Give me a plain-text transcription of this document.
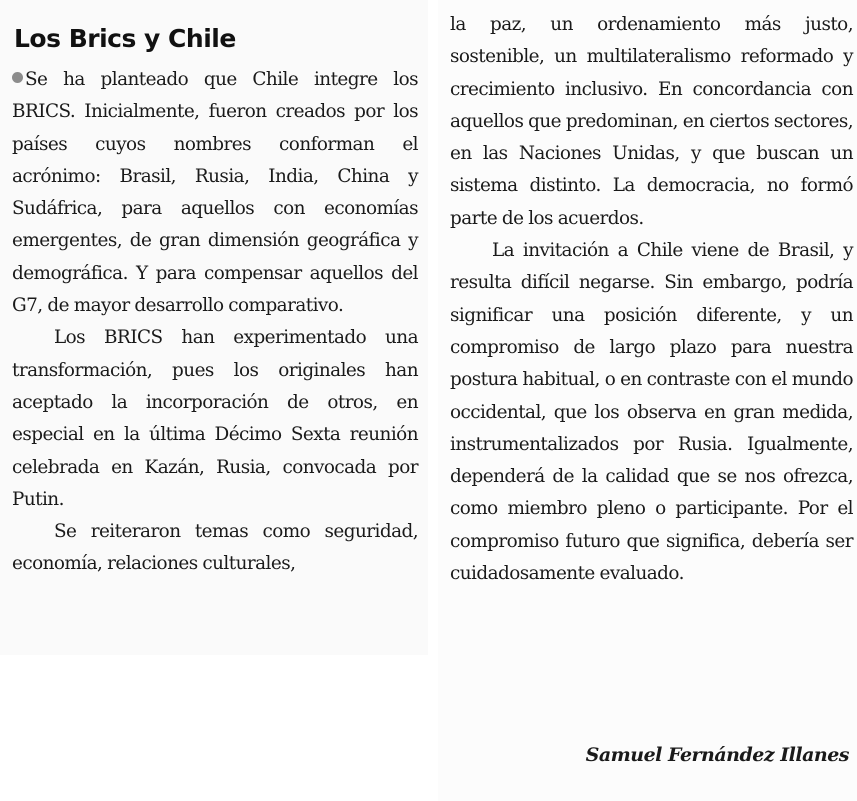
Los Brics y Chile

Se ha planteado que Chile integre los BRICS. Inicialmente, fueron creados por los países cuyos nombres conforman el acrónimo: Brasil, Rusia, India, China y Sudáfrica, para aquellos con economías emergentes, de gran dimensión geográfica y demográfica. Y para compensar aquellos del G7, de mayor desarrollo comparativo.

Los BRICS han experimentado una transformación, pues los originales han aceptado la incorporación de otros, en especial en la última Décimo Sexta reunión celebrada en Kazán, Rusia, convocada por Putin.

Se reiteraron temas como seguridad, economía, relaciones culturales,

la paz, un ordenamiento más justo, sostenible, un multilateralismo reformado y crecimiento inclusivo. En concordancia con aquellos que predominan, en ciertos sectores, en las Naciones Unidas, y que buscan un sistema distinto. La democracia, no formó parte de los acuerdos.

La invitación a Chile viene de Brasil, y resulta difícil negarse. Sin embargo, podría significar una posición diferente, y un compromiso de largo plazo para nuestra postura habitual, o en contraste con el mundo occidental, que los observa en gran medida, instrumentalizados por Rusia. Igualmente, dependerá de la calidad que se nos ofrezca, como miembro pleno o participante. Por el compromiso futuro que significa, debería ser cuidadosamente evaluado.

Samuel Fernández Illanes
